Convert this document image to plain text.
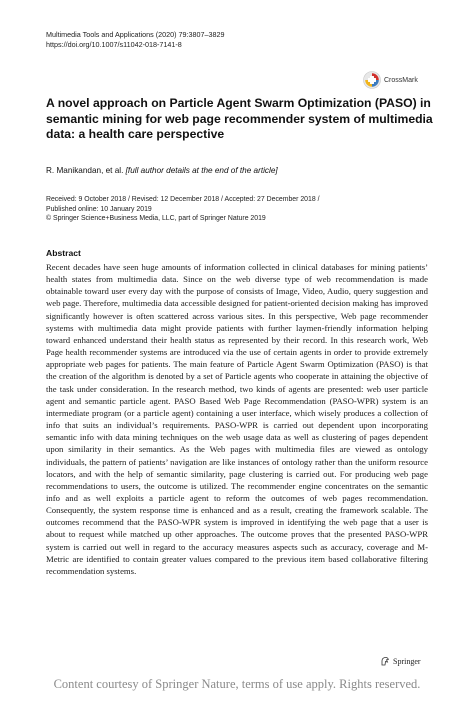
Multimedia Tools and Applications (2020) 79:3807–3829
https://doi.org/10.1007/s11042-018-7141-8
CrossMark
A novel approach on Particle Agent Swarm Optimization (PASO) in semantic mining for web page recommender system of multimedia data: a health care perspective
R. Manikandan, et al. [full author details at the end of the article]
Received: 9 October 2018 / Revised: 12 December 2018 / Accepted: 27 December 2018 /
Published online: 10 January 2019
© Springer Science+Business Media, LLC, part of Springer Nature 2019
Abstract
Recent decades have seen huge amounts of information collected in clinical databases for mining patients’ health states from multimedia data. Since on the web diverse type of web recommendation is made obtainable toward user every day with the purpose of consists of Image, Video, Audio, query suggestion and web page. Therefore, multimedia data accessible designed for patient-oriented decision making has improved significantly however is often scattered across various sites. In this perspective, Web page recommender systems with multimedia data might provide patients with further laymen-friendly information helping toward enhanced understand their health status as represented by their record. In this research work, Web Page health recommender systems are introduced via the use of certain agents in order to provide extremely appropriate web pages for patients. The main feature of Particle Agent Swarm Optimization (PASO) is that the creation of the algorithm is denoted by a set of Particle agents who cooperate in attaining the objective of the task under consideration. In the research method, two kinds of agents are presented: web user particle agent and semantic particle agent. PASO Based Web Page Recommendation (PASO-WPR) system is an intermediate program (or a particle agent) containing a user interface, which wisely produces a collection of info that suits an individual’s requirements. PASO-WPR is carried out dependent upon incorporating semantic info with data mining techniques on the web usage data as well as clustering of pages dependent upon similarity in their semantics. As the Web pages with multimedia files are viewed as ontology individuals, the pattern of patients’ navigation are like instances of ontology rather than the uniform resource locators, and with the help of semantic similarity, page clustering is carried out. For producing web page recommendations to users, the outcome is utilized. The recommender engine concentrates on the semantic info and as well exploits a particle agent to reform the outcomes of web pages recommendation. Consequently, the system response time is enhanced and as a result, creating the framework scalable. The outcomes recommend that the PASO-WPR system is improved in identifying the web page that a user is about to request while matched up other approaches. The outcome proves that the presented PASO-WPR system is carried out well in regard to the accuracy measures aspects such as accuracy, coverage and M-Metric are identified to contain greater values compared to the previous item based collaborative filtering recommendation systems.
Springer
Content courtesy of Springer Nature, terms of use apply. Rights reserved.
